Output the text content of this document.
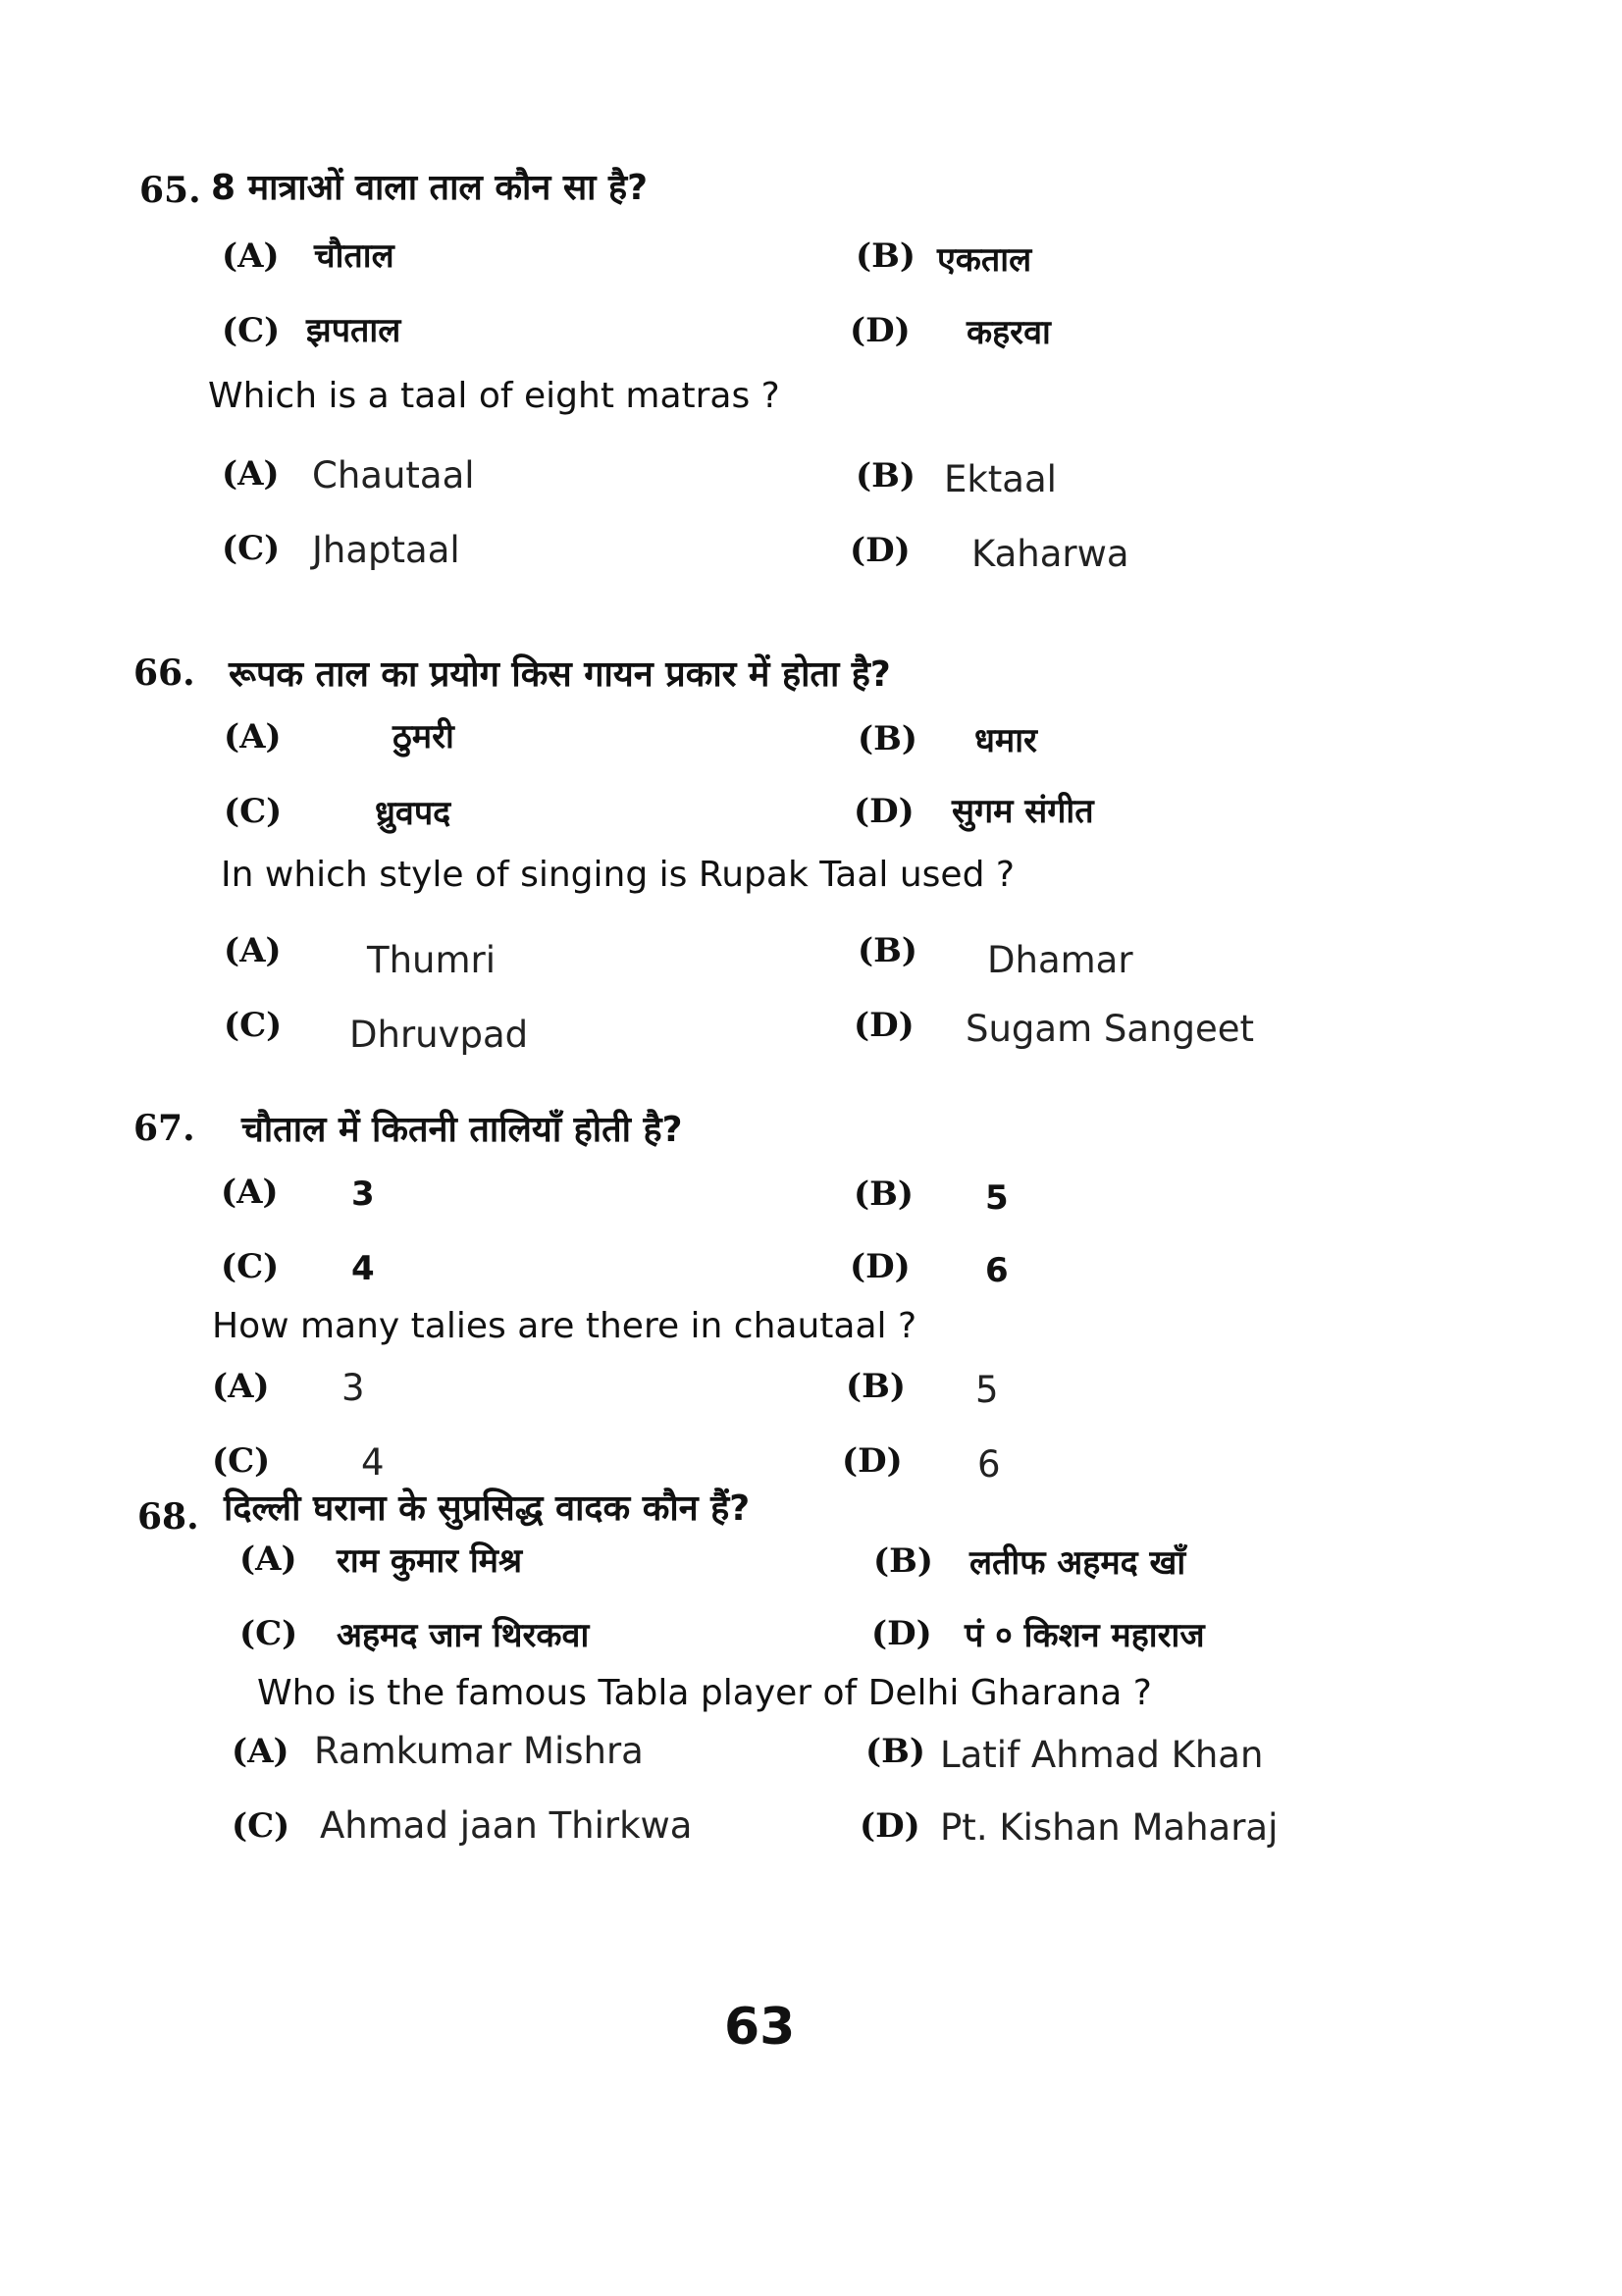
65. 8 मात्राओं वाला ताल कौन सा है?
(A) चौताल	(B) एकताल
(C) झपताल	(D) कहरवा
Which is a taal of eight matras ?
(A) Chautaal	(B) Ektaal
(C) Jhaptaal	(D) Kaharwa
66. रूपक ताल का प्रयोग किस गायन प्रकार में होता है?
(A)	ठुमरी	(B) धमार
(C)	ध्रुवपद	(D) सुगम संगीत
In which style of singing is Rupak Taal used ?
(A) Thumri	(B) Dhamar
(C) Dhruvpad	(D) Sugam Sangeet
67. चौताल में कितनी तालियाँ होती है?
(A) 3	(B) 5
(C) 4	(D) 6
How many talies are there in chautaal ?
(A) 3	(B) 5
(C)	4	(D) 6
68. दिल्ली घराना के सुप्रसिद्ध वादक कौन हैं?
(A) राम कुमार मिश्र	(B) लतीफ अहमद खाँ
(C) अहमद जान थिरकवा	(D) पं ० किशन महाराज
Who is the famous Tabla player of Delhi Gharana ?
(A) Ramkumar Mishra	(B) Latif Ahmad Khan
(C) Ahmad jaan Thirkwa	(D) Pt. Kishan Maharaj
63
